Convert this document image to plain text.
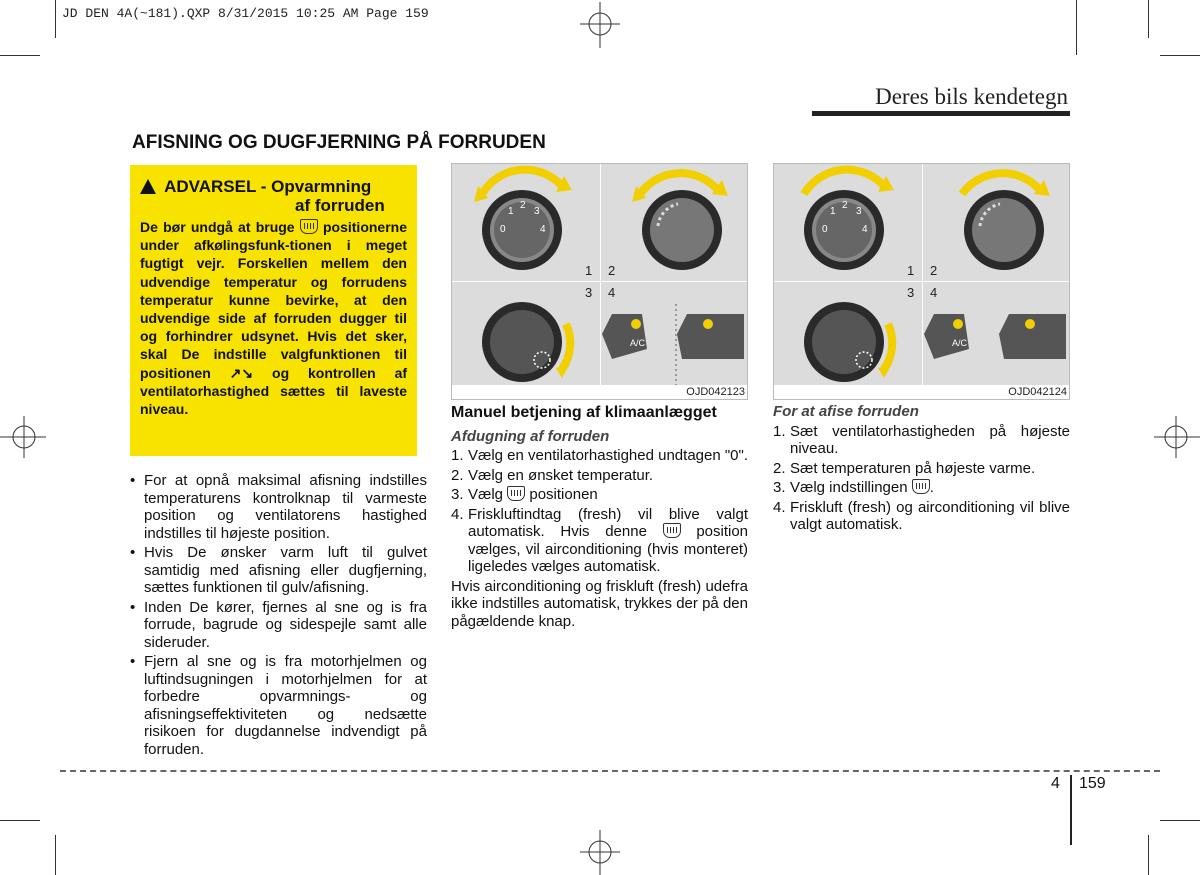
JD DEN 4A(~181).QXP 8/31/2015 10:25 AM Page 159
Deres bils kendetegn
AFISNING OG DUGFJERNING PÅ FORRUDEN
ADVARSEL - Opvarmning
af forruden
De bør undgå at bruge positionerne under afkølingsfunk-tionen i meget fugtigt vejr. Forskellen mellem den udvendige temperatur og forrudens temperatur kunne bevirke, at den udvendige side af forruden dugger til og forhindrer udsynet. Hvis det sker, skal De indstille valgfunktionen til positionen ↗↘ og kontrollen af ventilatorhastighed sættes til laveste niveau.
• For at opnå maksimal afisning indstilles temperaturens kontrolknap til varmeste position og ventilatorens hastighed indstilles til højeste position.
• Hvis De ønsker varm luft til gulvet samtidig med afisning eller dugfjerning, sættes funktionen til gulv/afisning.
• Inden De kører, fjernes al sne og is fra forrude, bagrude og sidespejle samt alle sideruder.
• Fjern al sne og is fra motorhjelmen og luftindsugningen i motorhjelmen for at forbedre opvarmnings- og afisningseffektiviteten og nedsætte risikoen for dugdannelse indvendigt på forruden.
1
2
3
0	4
A/C
1 2
3 4
OJD042123
1
2
3
0	4
A/C
1 2
3 4
OJD042124
Manuel betjening af klimaanlægget
Afdugning af forruden
1. Vælg en ventilatorhastighed undtagen "0".
2. Vælg en ønsket temperatur.
3. Vælg positionen
4. Friskluftindtag (fresh) vil blive valgt automatisk. Hvis denne	position vælges, vil airconditioning (hvis monteret) ligeledes vælges automatisk.
Hvis airconditioning og friskluft (fresh) udefra ikke indstilles automatisk, trykkes der på den pågældende knap.
For at afise forruden
1. Sæt ventilatorhastigheden på højeste niveau.
2. Sæt temperaturen på højeste varme.
3. Vælg indstillingen .
4. Friskluft (fresh) og airconditioning vil blive valgt automatisk.
4 159
